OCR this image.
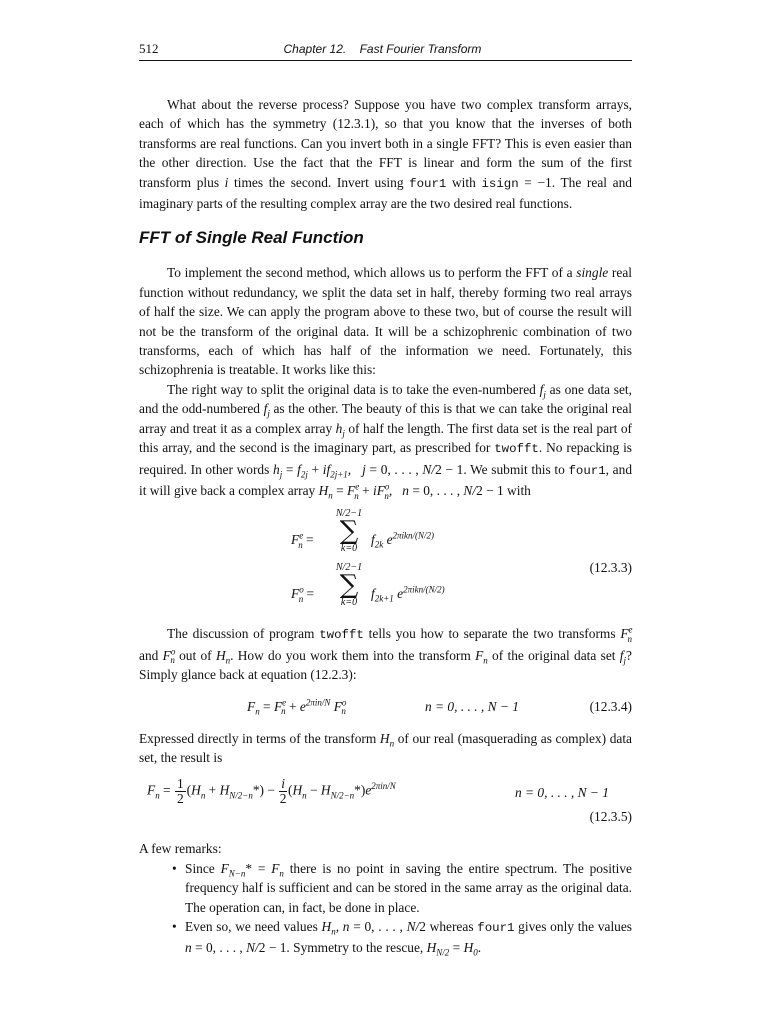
512	Chapter 12. Fast Fourier Transform

What about the reverse process? Suppose you have two complex transform arrays, each of which has the symmetry (12.3.1), so that you know that the inverses of both transforms are real functions. Can you invert both in a single FFT? This is even easier than the other direction. Use the fact that the FFT is linear and form the sum of the first transform plus i times the second. Invert using four1 with isign = −1. The real and imaginary parts of the resulting complex array are the two desired real functions.

FFT of Single Real Function

To implement the second method, which allows us to perform the FFT of a single real function without redundancy, we split the data set in half, thereby forming two real arrays of half the size. We can apply the program above to these two, but of course the result will not be the transform of the original data. It will be a schizophrenic combination of two transforms, each of which has half of the information we need. Fortunately, this schizophrenia is treatable. It works like this:

The right way to split the original data is to take the even-numbered $f_j$ as one data set, and the odd-numbered $f_j$ as the other. The beauty of this is that we can take the original real array and treat it as a complex array $h_j$ of half the length. The first data set is the real part of this array, and the second is the imaginary part, as prescribed for twofft. No repacking is required. In other words $h_j = f_{2j} + if_{2j+1}$,   j = 0, . . . , N/2 − 1. We submit this to four1, and it will give back a complex array $H_n = F^e_n + iF^o_n$,   n = 0, . . . , N/2 − 1 with

$F^e_n$ =
N/2−1
∑
k=0
$f_{2k}$ $e^{2\pi ikn/(N/2)}$
N/2−1
∑
k=0
$F^o_n$ =	$f_{2k+1}$ $e^{2\pi ikn/(N/2)}$
(12.3.3)

The discussion of program twofft tells you how to separate the two transforms $F^e_n$ and $F^o_n$ out of $H_n$. How do you work them into the transform $F_n$ of the original data set $f_j$? Simply glance back at equation (12.2.3):

$F_n = F^e_n + e^{2\pi in/N}$ $F^o_n$	n = 0, . . . , N − 1	(12.3.4)

Expressed directly in terms of the transform $H_n$ of our real (masquerading as complex) data set, the result is

$F_n = \frac{1}{2} (H_n + H_{N/2-n}*) - \frac{i}{2} (H_n - H_{N/2-n}*)e^{2\pi in/N}$	n = 0, . . . , N − 1
(12.3.5)

A few remarks:

• Since $F_{N-n}* = F_n$ there is no point in saving the entire spectrum. The positive frequency half is sufficient and can be stored in the same array as the original data. The operation can, in fact, be done in place.
• Even so, we need values $H_n$, n = 0, . . . , N/2 whereas four1 gives only the values n = 0, . . . , N/2 − 1. Symmetry to the rescue, $H_{N/2} = H_0$.
